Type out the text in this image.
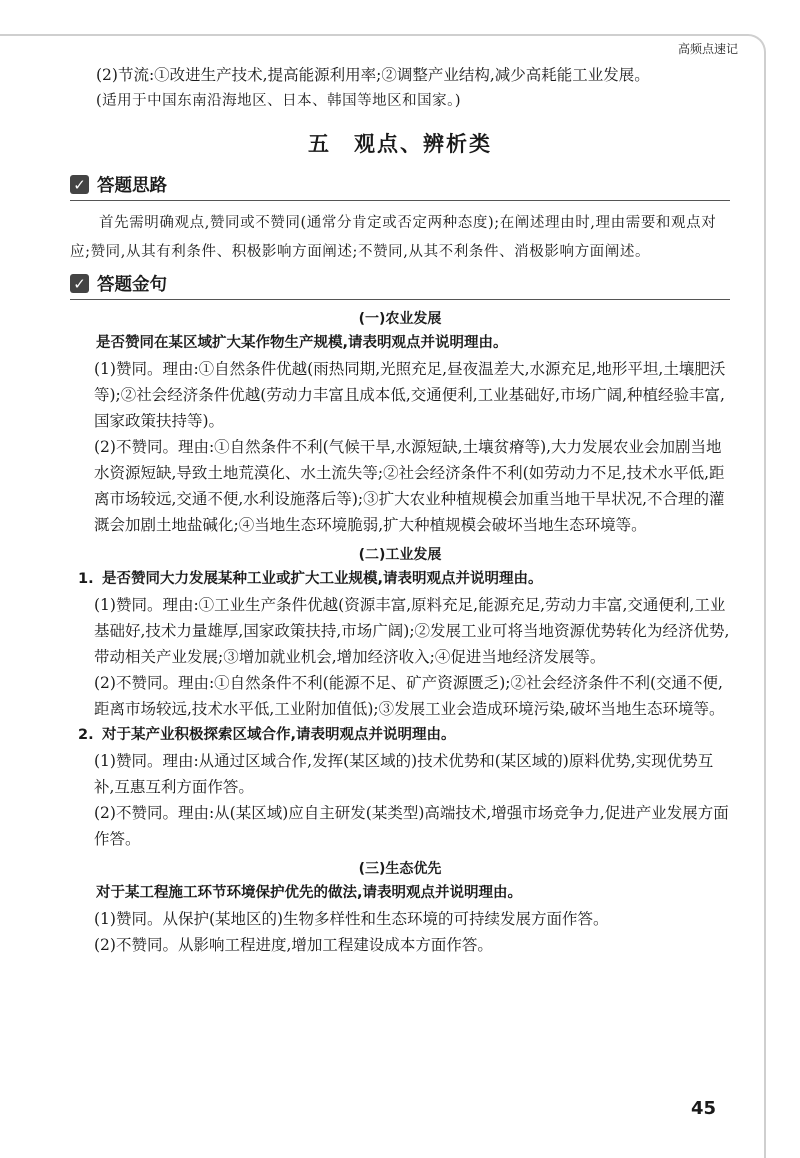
高频点速记

(2)节流:①改进生产技术,提高能源利用率;②调整产业结构,减少高耗能工业发展。

(适用于中国东南沿海地区、日本、韩国等地区和国家。)

五　观点、辨析类
✓ 答题思路

首先需明确观点,赞同或不赞同(通常分肯定或否定两种态度);在阐述理由时,理由需要和观点对应;赞同,从其有利条件、积极影响方面阐述;不赞同,从其不利条件、消极影响方面阐述。

✓ 答题金句
(一)农业发展

是否赞同在某区域扩大某作物生产规模,请表明观点并说明理由。

(1)赞同。理由:①自然条件优越(雨热同期,光照充足,昼夜温差大,水源充足,地形平坦,土壤肥沃等);②社会经济条件优越(劳动力丰富且成本低,交通便利,工业基础好,市场广阔,种植经验丰富,国家政策扶持等)。

(2)不赞同。理由:①自然条件不利(气候干旱,水源短缺,土壤贫瘠等),大力发展农业会加剧当地水资源短缺,导致土地荒漠化、水土流失等;②社会经济条件不利(如劳动力不足,技术水平低,距离市场较远,交通不便,水利设施落后等);③扩大农业种植规模会加重当地干旱状况,不合理的灌溉会加剧土地盐碱化;④当地生态环境脆弱,扩大种植规模会破坏当地生态环境等。

(二)工业发展
1. 是否赞同大力发展某种工业或扩大工业规模,请表明观点并说明理由。

(1)赞同。理由:①工业生产条件优越(资源丰富,原料充足,能源充足,劳动力丰富,交通便利,工业基础好,技术力量雄厚,国家政策扶持,市场广阔);②发展工业可将当地资源优势转化为经济优势,带动相关产业发展;③增加就业机会,增加经济收入;④促进当地经济发展等。

(2)不赞同。理由:①自然条件不利(能源不足、矿产资源匮乏);②社会经济条件不利(交通不便,距离市场较远,技术水平低,工业附加值低);③发展工业会造成环境污染,破坏当地生态环境等。

2. 对于某产业积极探索区域合作,请表明观点并说明理由。

(1)赞同。理由:从通过区域合作,发挥(某区域的)技术优势和(某区域的)原料优势,实现优势互补,互惠互利方面作答。

(2)不赞同。理由:从(某区域)应自主研发(某类型)高端技术,增强市场竞争力,促进产业发展方面作答。

(三)生态优先

对于某工程施工环节环境保护优先的做法,请表明观点并说明理由。

(1)赞同。从保护(某地区的)生物多样性和生态环境的可持续发展方面作答。

(2)不赞同。从影响工程进度,增加工程建设成本方面作答。

45
